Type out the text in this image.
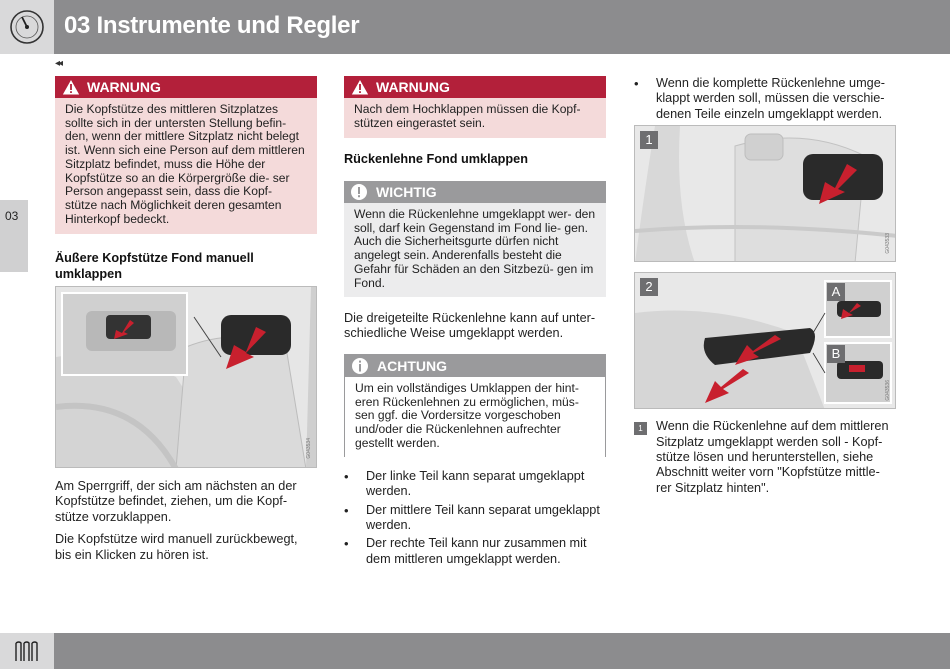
03 Instrumente und Regler
◂◂
03
WARNUNG
Die Kopfstütze des mittleren Sitzplatzes sollte sich in der untersten Stellung befin- den, wenn der mittlere Sitzplatz nicht belegt ist. Wenn sich eine Person auf dem mittleren Sitzplatz befindet, muss die Höhe der Kopfstütze so an die Körpergröße die- ser Person angepasst sein, dass die Kopf- stütze nach Möglichkeit deren gesamten Hinterkopf bedeckt.
Äußere Kopfstütze Fond manuell umklappen
G043534
Am Sperrgriff, der sich am nächsten an der Kopfstütze befindet, ziehen, um die Kopf- stütze vorzuklappen.
Die Kopfstütze wird manuell zurückbewegt, bis ein Klicken zu hören ist.
WARNUNG
Nach dem Hochklappen müssen die Kopf- stützen eingerastet sein.
Rückenlehne Fond umklappen
WICHTIG
Wenn die Rückenlehne umgeklappt wer- den soll, darf kein Gegenstand im Fond lie- gen. Auch die Sicherheitsgurte dürfen nicht angelegt sein. Anderenfalls besteht die Gefahr für Schäden an den Sitzbezü- gen im Fond.
Die dreigeteilte Rückenlehne kann auf unter- schiedliche Weise umgeklappt werden.
ACHTUNG
Um ein vollständiges Umklappen der hint- eren Rückenlehnen zu ermöglichen, müs- sen ggf. die Vordersitze vorgeschoben und/oder die Rückenlehnen aufrechter gestellt werden.
• Der linke Teil kann separat umgeklappt werden.
• Der mittlere Teil kann separat umgeklappt werden.
• Der rechte Teil kann nur zusammen mit dem mittleren umgeklappt werden.
• Wenn die komplette Rückenlehne umge- klappt werden soll, müssen die verschie- denen Teile einzeln umgeklappt werden.
1
G043533
2	A
B
G043536
1	Wenn die Rückenlehne auf dem mittleren Sitzplatz umgeklappt werden soll - Kopf- stütze lösen und herunterstellen, siehe Abschnitt weiter vorn "Kopfstütze mittle- rer Sitzplatz hinten".
